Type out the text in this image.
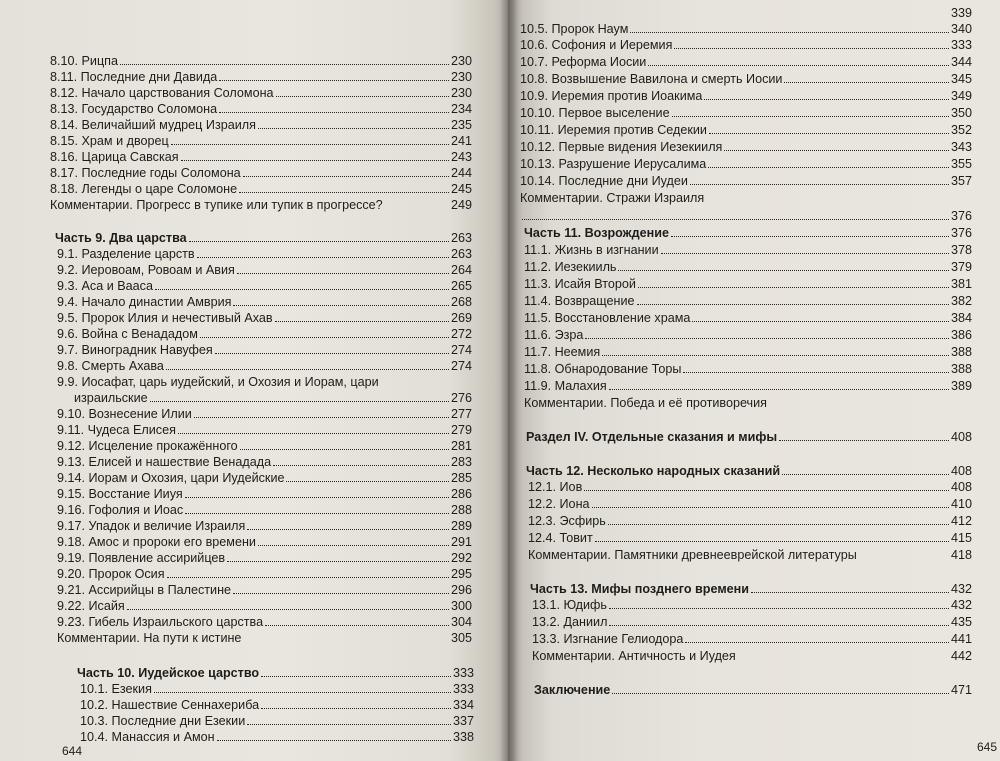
8.10. Рицпа	230
8.11. Последние дни Давида	230
8.12. Начало царствования Соломона	230
8.13. Государство Соломона	234
8.14. Величайший мудрец Израиля	235
8.15. Храм и дворец	241
8.16. Царица Савская	243
8.17. Последние годы Соломона	244
8.18. Легенды о царе Соломоне	245
Комментарии. Прогресс в тупике или тупик в прогрессе?	249
Часть 9. Два царства	263
9.1. Разделение царств	263
9.2. Иеровоам, Ровоам и Авия	264
9.3. Аса и Вааса	265
9.4. Начало династии Амврия	268
9.5. Пророк Илия и нечестивый Ахав	269
9.6. Война с Венададом	272
9.7. Виноградник Навуфея	274
9.8. Смерть Ахава	274
9.9. Иосафат, царь иудейский, и Охозия и Иорам, цари
израильские	276
9.10. Вознесение Илии	277
9.11. Чудеса Елисея	279
9.12. Исцеление прокажённого	281
9.13. Елисей и нашествие Венадада	283
9.14. Иорам и Охозия, цари Иудейские	285
9.15. Восстание Ииуя	286
9.16. Гофолия и Иоас	288
9.17. Упадок и величие Израиля	289
9.18. Амос и пророки его времени	291
9.19. Появление ассирийцев	292
9.20. Пророк Осия	295
9.21. Ассирийцы в Палестине	296
9.22. Исайя	300
9.23. Гибель Израильского царства	304
Комментарии. На пути к истине	305
Часть 10. Иудейское царство	333
10.1. Езекия	333
10.2. Нашествие Сеннахериба	334
10.3. Последние дни Езекии	337
10.4. Манассия и Амон	338
644
339
10.5. Пророк Наум	340
10.6. Софония и Иеремия	333
10.7. Реформа Иосии	344
10.8. Возвышение Вавилона и смерть Иосии	345
10.9. Иеремия против Иоакима	349
10.10. Первое выселение	350
10.11. Иеремия против Седекии	352
10.12. Первые видения Иезекииля	343
10.13. Разрушение Иерусалима	355
10.14. Последние дни Иудеи	357
Комментарии. Стражи Израиля
376
Часть 11. Возрождение	376
11.1. Жизнь в изгнании	378
11.2. Иезекииль	379
11.3. Исайя Второй	381
11.4. Возвращение	382
11.5. Восстановление храма	384
11.6. Эзра	386
11.7. Неемия	388
11.8. Обнародование Торы	388
11.9. Малахия	389
Комментарии. Победа и её противоречия
Раздел IV. Отдельные сказания и мифы	408
Часть 12. Несколько народных сказаний	408
12.1. Иов	408
12.2. Иона	410
12.3. Эсфирь	412
12.4. Товит	415
Комментарии. Памятники древнееврейской литературы	418
Часть 13. Мифы позднего времени	432
13.1. Юдифь	432
13.2. Даниил	435
13.3. Изгнание Гелиодора	441
Комментарии. Античность и Иудея	442
Заключение	471
645
